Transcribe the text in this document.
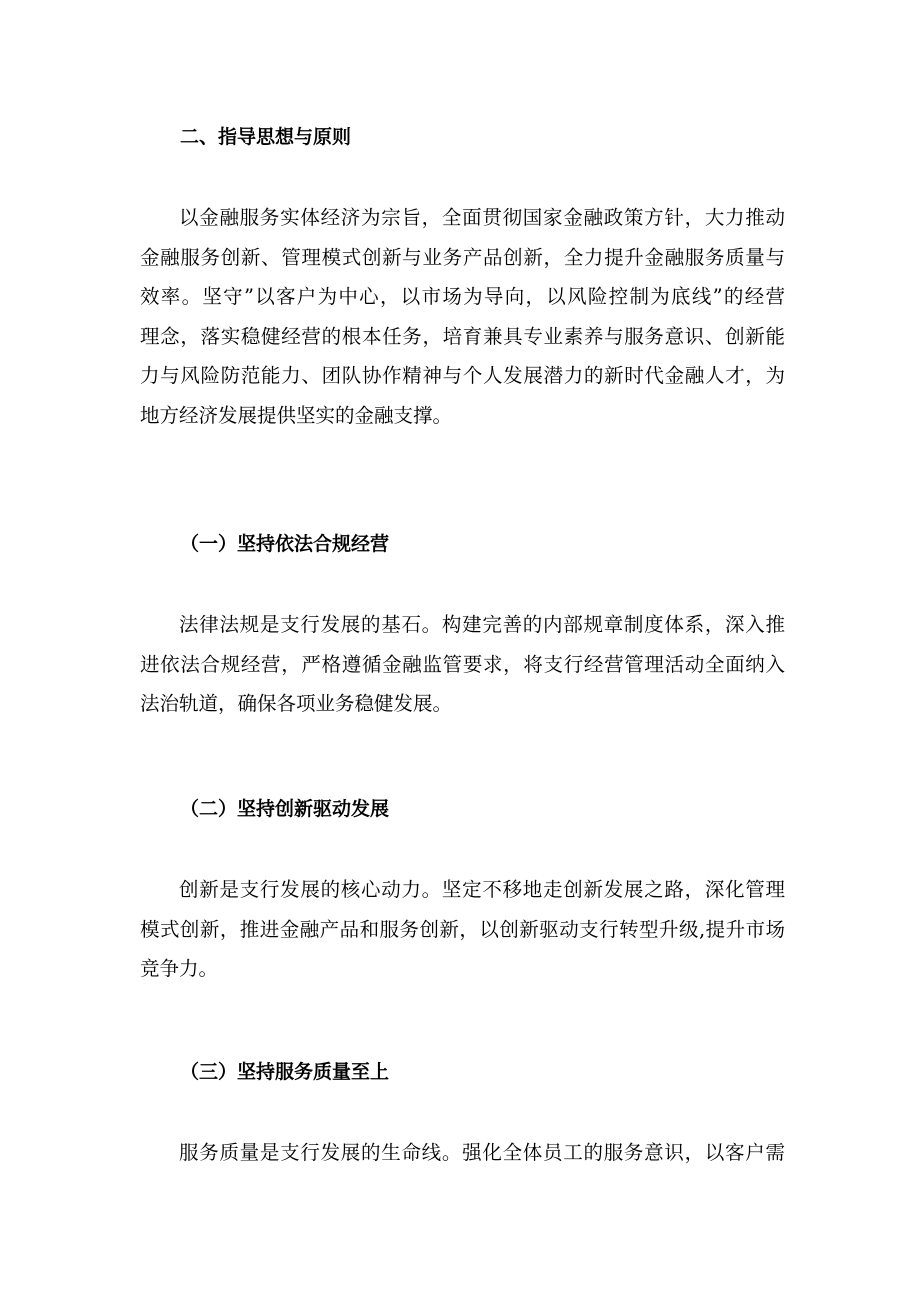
二、指导思想与原则
以金融服务实体经济为宗旨，全面贯彻国家金融政策方针，大力推动
金融服务创新、管理模式创新与业务产品创新，全力提升金融服务质量与
效率。坚守”以客户为中心，以市场为导向，以风险控制为底线”的经营
理念，落实稳健经营的根本任务，培育兼具专业素养与服务意识、创新能
力与风险防范能力、团队协作精神与个人发展潜力的新时代金融人才，为
地方经济发展提供坚实的金融支撑。
（一）坚持依法合规经营
法律法规是支行发展的基石。构建完善的内部规章制度体系，深入推
进依法合规经营，严格遵循金融监管要求，将支行经营管理活动全面纳入
法治轨道，确保各项业务稳健发展。
（二）坚持创新驱动发展
创新是支行发展的核心动力。坚定不移地走创新发展之路，深化管理
模式创新，推进金融产品和服务创新，以创新驱动支行转型升级,提升市场
竞争力。
（三）坚持服务质量至上
服务质量是支行发展的生命线。强化全体员工的服务意识，以客户需
